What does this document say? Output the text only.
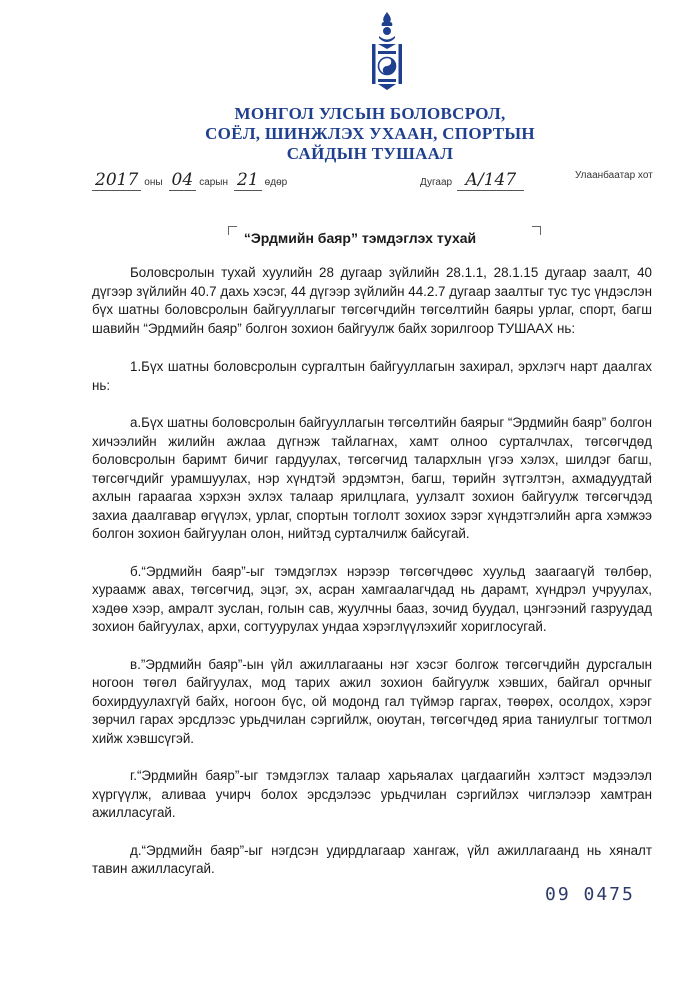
МОНГОЛ УЛСЫН БОЛОВСРОЛ,
СОЁЛ, ШИНЖЛЭХ УХААН, СПОРТЫН
САЙДЫН ТУШААЛ
2017 оны 04 сарын 21 өдөр	Дугаар А/147	Улаанбаатар хот
“Эрдмийн баяр” тэмдэглэх тухай

Боловсролын тухай хуулийн 28 дугаар зүйлийн 28.1.1, 28.1.15 дугаар заалт, 40 дүгээр зүйлийн 40.7 дахь хэсэг, 44 дүгээр зүйлийн 44.2.7 дугаар заалтыг тус тус үндэслэн бүх шатны боловсролын байгууллагыг төгсөгчдийн төгсөлтийн баяры урлаг, спорт, багш шавийн “Эрдмийн баяр” болгон зохион байгуулж байх зорилгоор ТУШААХ нь:

1.Бүх шатны боловсролын сургалтын байгууллагын захирал, эрхлэгч нарт даалгах нь:

а.Бүх шатны боловсролын байгууллагын төгсөлтийн баярыг “Эрдмийн баяр” болгон хичээлийн жилийн ажлаа дүгнэж тайлагнах, хамт олноо сурталчлах, төгсөгчдөд боловсролын баримт бичиг гардуулах, төгсөгчид талархлын үгээ хэлэх, шилдэг багш, төгсөгчдийг урамшуулах, нэр хүндтэй эрдэмтэн, багш, төрийн зүтгэлтэн, ахмадуудтай ахлын гараагаа хэрхэн эхлэх талаар ярилцлага, уулзалт зохион байгуулж төгсөгчдэд захиа даалгавар өгүүлэх, урлаг, спортын тоглолт зохиох зэрэг хүндэтгэлийн арга хэмжээ болгон зохион байгуулан олон, нийтэд сурталчилж байсугай.

б.“Эрдмийн баяр”-ыг тэмдэглэх нэрээр төгсөгчдөөс хуульд заагаагүй төлбөр, хураамж авах, төгсөгчид, эцэг, эх, асран хамгаалагчдад нь дарамт, хүндрэл учруулах, хэдөө хээр, амралт зуслан, голын сав, жуулчны бааз, зочид буудал, цэнгээний газруудад зохион байгуулах, архи, согтуурулах ундаа хэрэглүүлэхийг хориглосугай.

в.”Эрдмийн баяр”-ын үйл ажиллагааны нэг хэсэг болгож төгсөгчдийн дурсгалын ногоон төгөл байгуулах, мод тарих ажил зохион байгуулж хэвших, байгал орчныг бохирдуулахгүй байх, ногоон бүс, ой модонд гал түймэр гаргах, төөрөх, осолдох, хэрэг зөрчил гарах эрсдлээс урьдчилан сэргийлж, оюутан, төгсөгчдөд яриа таниулгыг тогтмол хийж хэвшсүгэй.

г.“Эрдмийн баяр”-ыг тэмдэглэх талаар харьяалах цагдаагийн хэлтэст мэдээлэл хүргүүлж, аливаа учирч болох эрсдэлээс урьдчилан сэргийлэх чиглэлээр хамтран ажилласугай.

д.“Эрдмийн баяр”-ыг нэгдсэн удирдлагаар хангаж, үйл ажиллагаанд нь хяналт тавин ажилласугай.

09 0475
